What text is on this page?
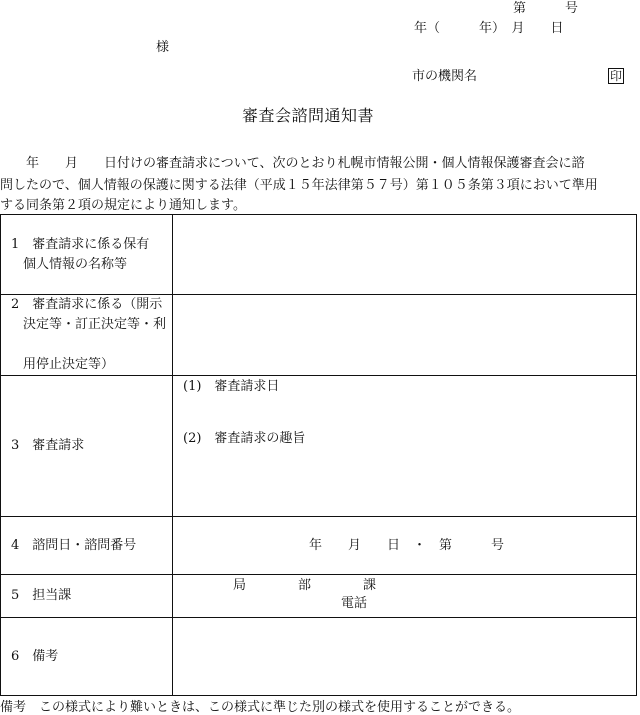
第　　　号
年（　　　年）　月　　日
様
市の機関名	印
審査会諮問通知書
　　年　　月　　日付けの審査請求について、次のとおり札幌市情報公開・個人情報保護審査会に諮
問したので、個人情報の保護に関する法律（平成１５年法律第５７号）第１０５条第３項において準用
する同条第２項の規定により通知します。
1　審査請求に係る保有

個人情報の名称等	

2　審査請求に係る（開示

決定等・訂正決定等・利

用停止決定等）	

3　審査請求	(1)　審査請求日
(2)　審査請求の趣旨

4　諮問日・諮問番号	年　　月　　日　・　第　　　号

5　担当課	局　　　　部　　　　課
電話

6　備考	
備考　この様式により難いときは、この様式に準じた別の様式を使用することができる。
